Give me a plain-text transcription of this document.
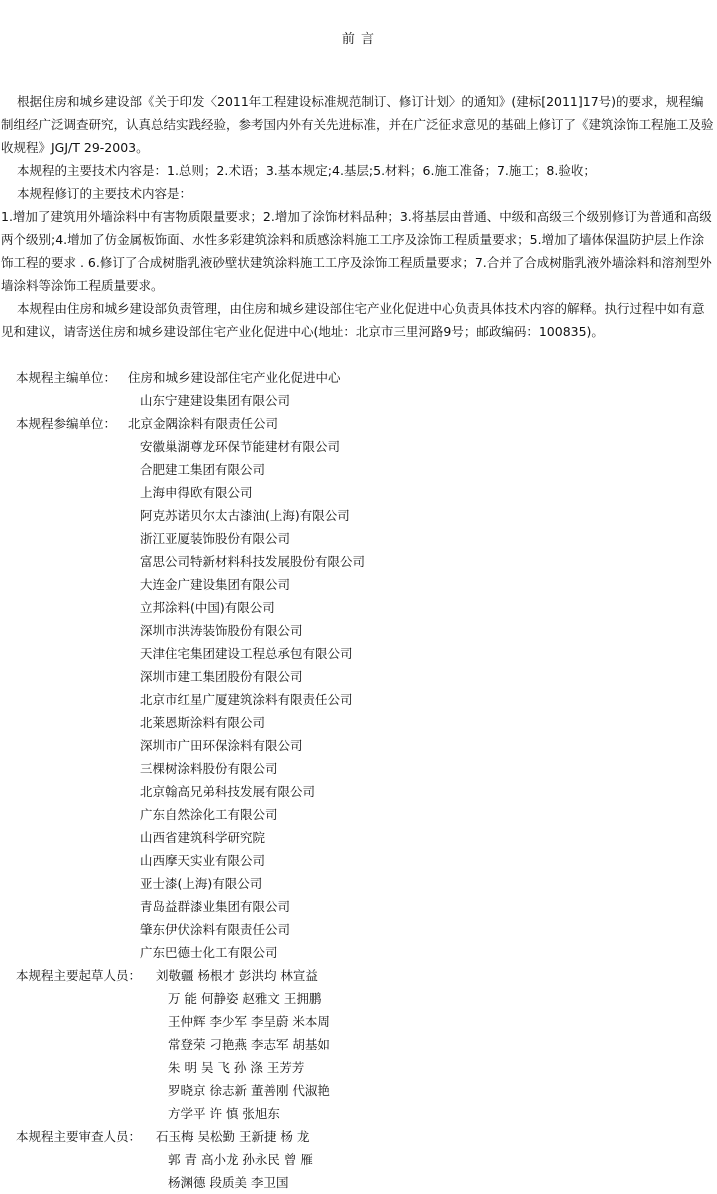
前 言

根据住房和城乡建设部《关于印发〈2011年工程建设标准规范制订、修订计划〉的通知》(建标[2011]17号)的要求，规程编制组经广泛调查研究，认真总结实践经验，参考国内外有关先进标准，并在广泛征求意见的基础上修订了《建筑涂饰工程施工及验收规程》JGJ/T 29-2003。

本规程的主要技术内容是：1.总则；2.术语；3.基本规定;4.基层;5.材料；6.施工准备；7.施工；8.验收；

本规程修订的主要技术内容是：

1.增加了建筑用外墙涂料中有害物质限量要求；2.增加了涂饰材料品种；3.将基层由普通、中级和高级三个级别修订为普通和高级两个级别;4.增加了仿金属板饰面、水性多彩建筑涂料和质感涂料施工工序及涂饰工程质量要求；5.增加了墙体保温防护层上作涂饰工程的要求 . 6.修订了合成树脂乳液砂壁状建筑涂料施工工序及涂饰工程质量要求；7.合并了合成树脂乳液外墙涂料和溶剂型外墙涂料等涂饰工程质量要求。

本规程由住房和城乡建设部负责管理，由住房和城乡建设部住宅产业化促进中心负责具体技术内容的解释。执行过程中如有意见和建议，请寄送住房和城乡建设部住宅产业化促进中心(地址：北京市三里河路9号；邮政编码：100835)。

本规程主编单位： 住房和城乡建设部住宅产业化促进中心
山东宁建建设集团有限公司
本规程参编单位： 北京金隅涂料有限责任公司
安徽巢湖尊龙环保节能建材有限公司
合肥建工集团有限公司
上海申得欧有限公司
阿克苏诺贝尔太古漆油(上海)有限公司
浙江亚厦装饰股份有限公司
富思公司特新材料科技发展股份有限公司
大连金广建设集团有限公司
立邦涂料(中国)有限公司
深圳市洪涛装饰股份有限公司
天津住宅集团建设工程总承包有限公司
深圳市建工集团股份有限公司
北京市红星广厦建筑涂料有限责任公司
北莱恩斯涂料有限公司
深圳市广田环保涂料有限公司
三棵树涂料股份有限公司
北京翰高兄弟科技发展有限公司
广东自然涂化工有限公司
山西省建筑科学研究院
山西摩天实业有限公司
亚士漆(上海)有限公司
青岛益群漆业集团有限公司
肇东伊伏涂料有限责任公司
广东巴德士化工有限公司
本规程主要起草人员： 刘敬疆 杨根才 彭洪均 林宣益
万 能 何静姿 赵雅文 王拥鹏
王仲辉 李少军 李呈蔚 米本周
常登荣 刁艳燕 李志军 胡基如
朱 明 吴 飞 孙 涤 王芳芳
罗晓京 徐志新 董善刚 代淑艳
方学平 许 慎 张旭东
本规程主要审查人员： 石玉梅 吴松勤 王新捷 杨 龙
郭 青 高小龙 孙永民 曾 雁
杨渊德 段质美 李卫国
